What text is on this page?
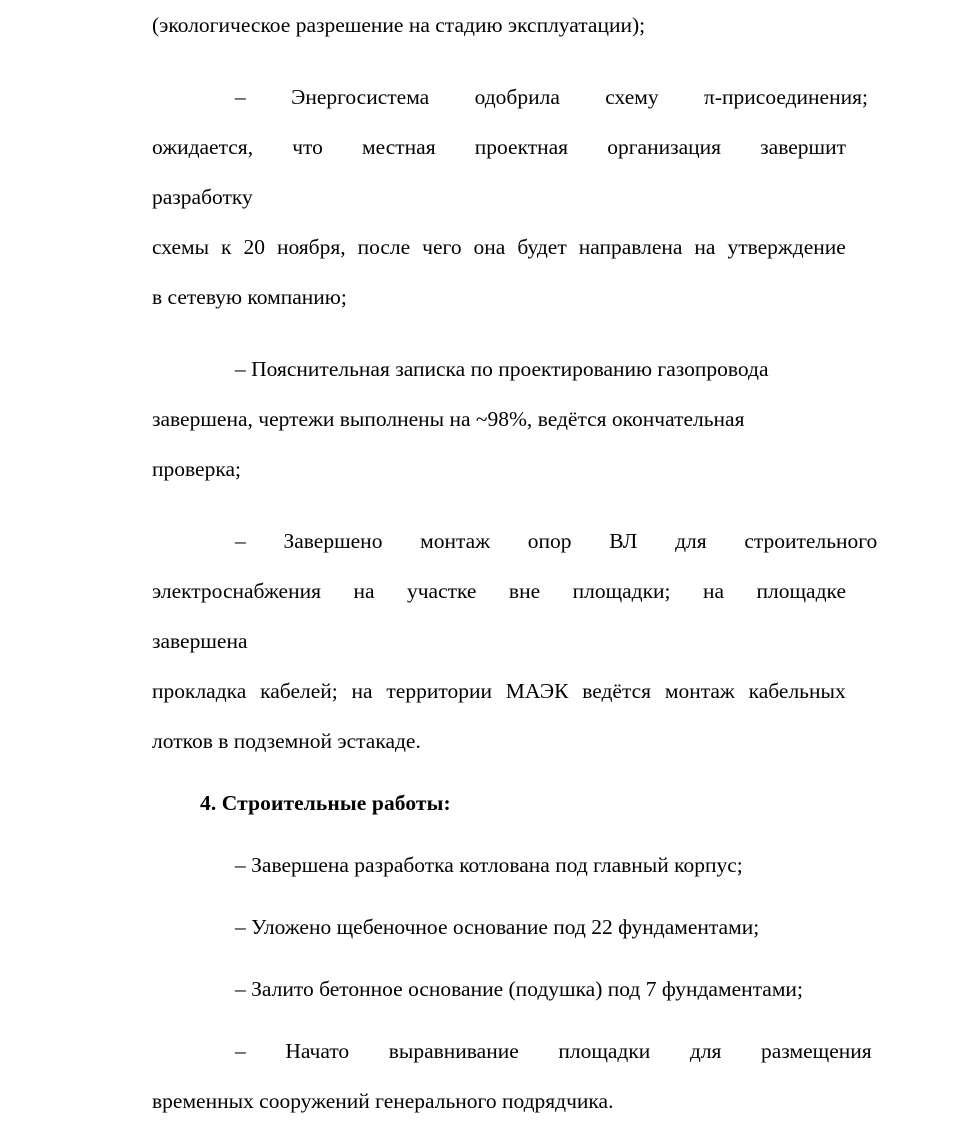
(экологическое разрешение на стадию эксплуатации);

– Энергосистема одобрила схему π-присоединения;

ожидается, что местная проектная организация завершит разработку

схемы к 20 ноября, после чего она будет направлена на утверждение

в сетевую компанию;

– Пояснительная записка по проектированию газопровода

завершена, чертежи выполнены на ~98%, ведётся окончательная

проверка;

– Завершено монтаж опор ВЛ для строительного

электроснабжения на участке вне площадки; на площадке завершена

прокладка кабелей; на территории МАЭК ведётся монтаж кабельных

лотков в подземной эстакаде.

4. Строительные работы:

– Завершена разработка котлована под главный корпус;

– Уложено щебеночное основание под 22 фундаментами;

– Залито бетонное основание (подушка) под 7 фундаментами;

– Начато выравнивание площадки для размещения

временных сооружений генерального подрядчика.
